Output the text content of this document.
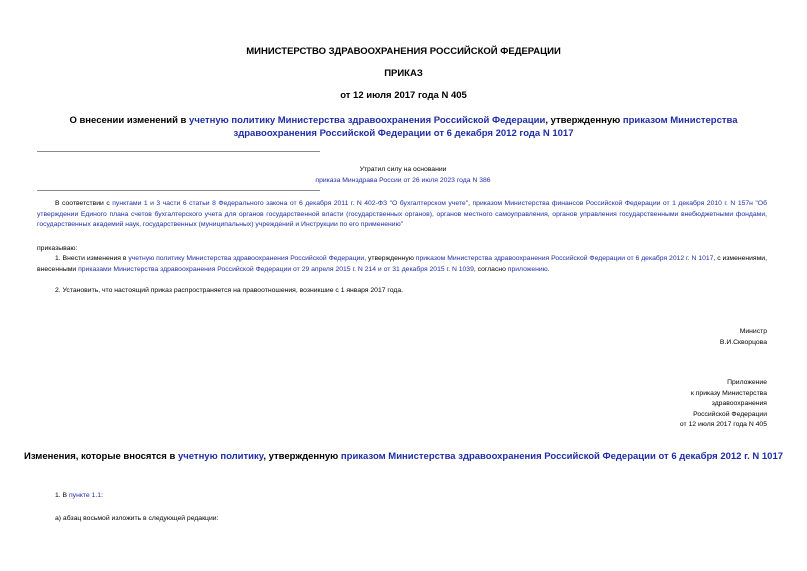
МИНИСТЕРСТВО ЗДРАВООХРАНЕНИЯ РОССИЙСКОЙ ФЕДЕРАЦИИ
ПРИКАЗ
от 12 июля 2017 года N 405
О внесении изменений в учетную политику Министерства здравоохранения Российской Федерации, утвержденную приказом Министерства здравоохранения Российской Федерации от 6 декабря 2012 года N 1017
Утратил силу на основании
приказа Минздрава России от 26 июля 2023 года N 386
В соответствии с пунктами 1 и 3 части 6 статьи 8 Федерального закона от 6 декабря 2011 г. N 402-ФЗ "О бухгалтерском учете", приказом Министерства финансов Российской Федерации от 1 декабря 2010 г. N 157н "Об утверждении Единого плана счетов бухгалтерского учета для органов государственной власти (государственных органов), органов местного самоуправления, органов управления государственными внебюджетными фондами, государственных академий наук, государственных (муниципальных) учреждений и Инструкции по его применению"
приказываю:
1. Внести изменения в учетную политику Министерства здравоохранения Российской Федерации, утвержденную приказом Министерства здравоохранения Российской Федерации от 6 декабря 2012 г. N 1017, с изменениями, внесенными приказами Министерства здравоохранения Российской Федерации от 29 апреля 2015 г. N 214 и от 31 декабря 2015 г. N 1039, согласно приложению.
2. Установить, что настоящий приказ распространяется на правоотношения, возникшие с 1 января 2017 года.
Министр
В.И.Скворцова
Приложение
к приказу Министерства
здравоохранения
Российской Федерации
от 12 июля 2017 года N 405
Изменения, которые вносятся в учетную политику, утвержденную приказом Министерства здравоохранения Российской Федерации от 6 декабря 2012 г. N 1017
1. В пункте 1.1:
а) абзац восьмой изложить в следующей редакции:
